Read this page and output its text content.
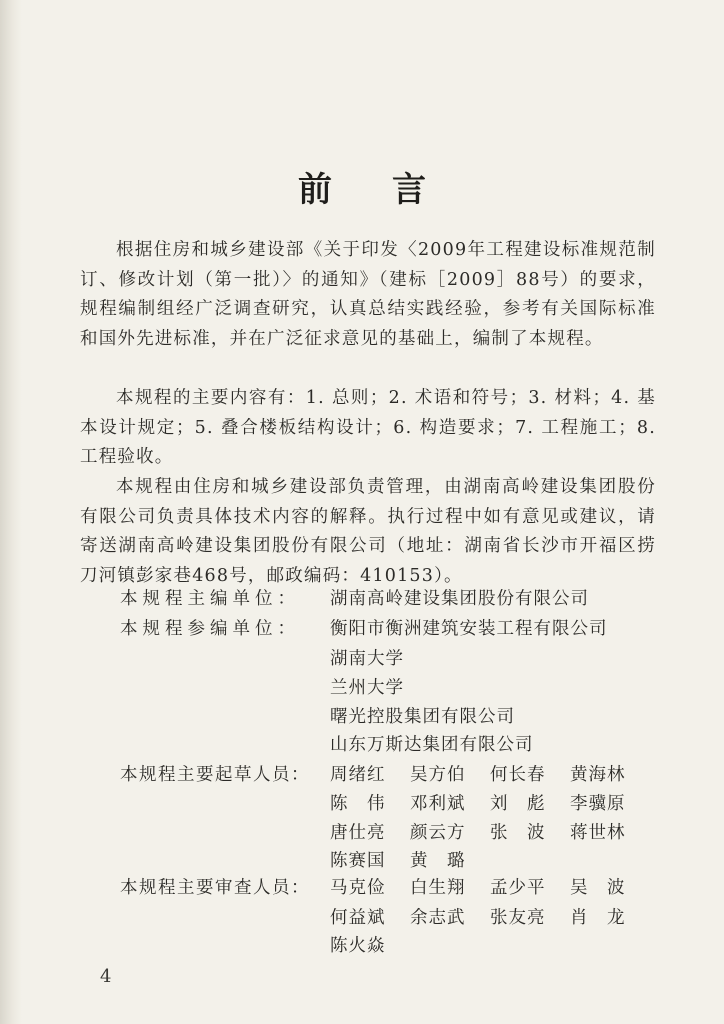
前言
根据住房和城乡建设部《关于印发〈2009年工程建设标准规范制订、修改计划（第一批）〉的通知》（建标［2009］88号）的要求，规程编制组经广泛调查研究，认真总结实践经验，参考有关国际标准和国外先进标准，并在广泛征求意见的基础上，编制了本规程。
本规程的主要内容有：1. 总则；2. 术语和符号；3. 材料；4. 基本设计规定；5. 叠合楼板结构设计；6. 构造要求；7. 工程施工；8. 工程验收。
本规程由住房和城乡建设部负责管理，由湖南高岭建设集团股份有限公司负责具体技术内容的解释。执行过程中如有意见或建议，请寄送湖南高岭建设集团股份有限公司（地址：湖南省长沙市开福区捞刀河镇彭家巷468号，邮政编码：410153）。
本规程主编单位：	湖南高岭建设集团股份有限公司
本规程参编单位：	衡阳市衡洲建筑安装工程有限公司
湖南大学
兰州大学
曙光控股集团有限公司
山东万斯达集团有限公司
本规程主要起草人员：	周绪红	吴方伯	何长春	黄海林
陈　伟	邓利斌	刘　彪	李骥原
唐仕亮	颜云方	张　波	蒋世林
陈赛国	黄　璐
本规程主要审查人员：	马克俭	白生翔	孟少平	吴　波
何益斌	余志武	张友亮	肖　龙
陈火焱
4
